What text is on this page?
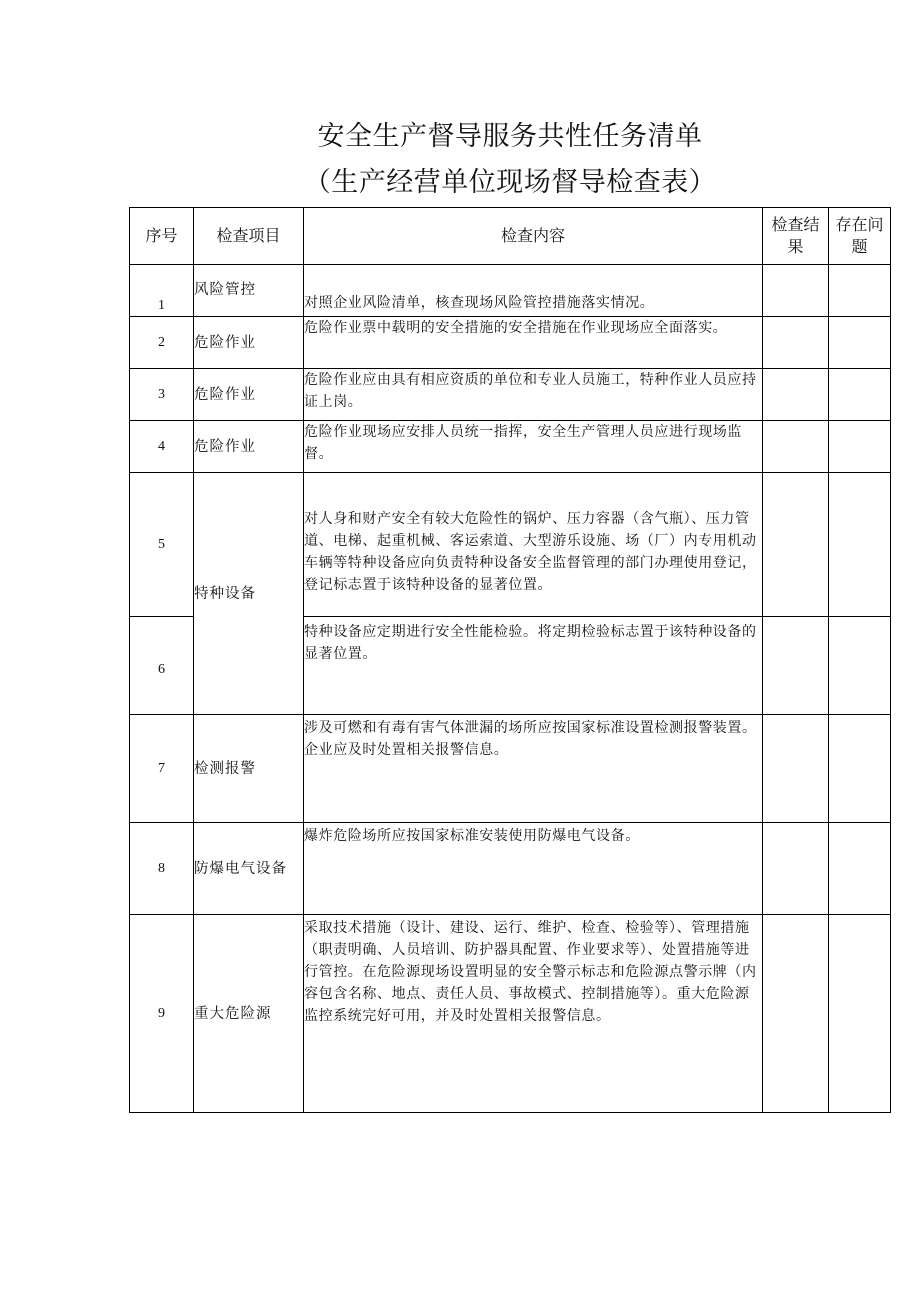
安全生产督导服务共性任务清单
（生产经营单位现场督导检查表）
序号	检查项目	检查内容	检查结果	存在问题
1	风险管控	对照企业风险清单，核查现场风险管控措施落实情况。		
2	危险作业	危险作业票中载明的安全措施的安全措施在作业现场应全面落实。		
3	危险作业	危险作业应由具有相应资质的单位和专业人员施工，特种作业人员应持证上岗。		
4	危险作业	危险作业现场应安排人员统一指挥，安全生产管理人员应进行现场监督。		
5	特种设备	对人身和财产安全有较大危险性的锅炉、压力容器（含气瓶）、压力管道、电梯、起重机械、客运索道、大型游乐设施、场（厂）内专用机动车辆等特种设备应向负责特种设备安全监督管理的部门办理使用登记，登记标志置于该特种设备的显著位置。		
6		特种设备应定期进行安全性能检验。将定期检验标志置于该特种设备的显著位置。		
7	检测报警	涉及可燃和有毒有害气体泄漏的场所应按国家标准设置检测报警装置。企业应及时处置相关报警信息。		
8	防爆电气设备	爆炸危险场所应按国家标准安装使用防爆电气设备。		
9	重大危险源	采取技术措施（设计、建设、运行、维护、检查、检验等）、管理措施（职责明确、人员培训、防护器具配置、作业要求等）、处置措施等进行管控。在危险源现场设置明显的安全警示标志和危险源点警示牌（内容包含名称、地点、责任人员、事故模式、控制措施等）。重大危险源监控系统完好可用，并及时处置相关报警信息。		
